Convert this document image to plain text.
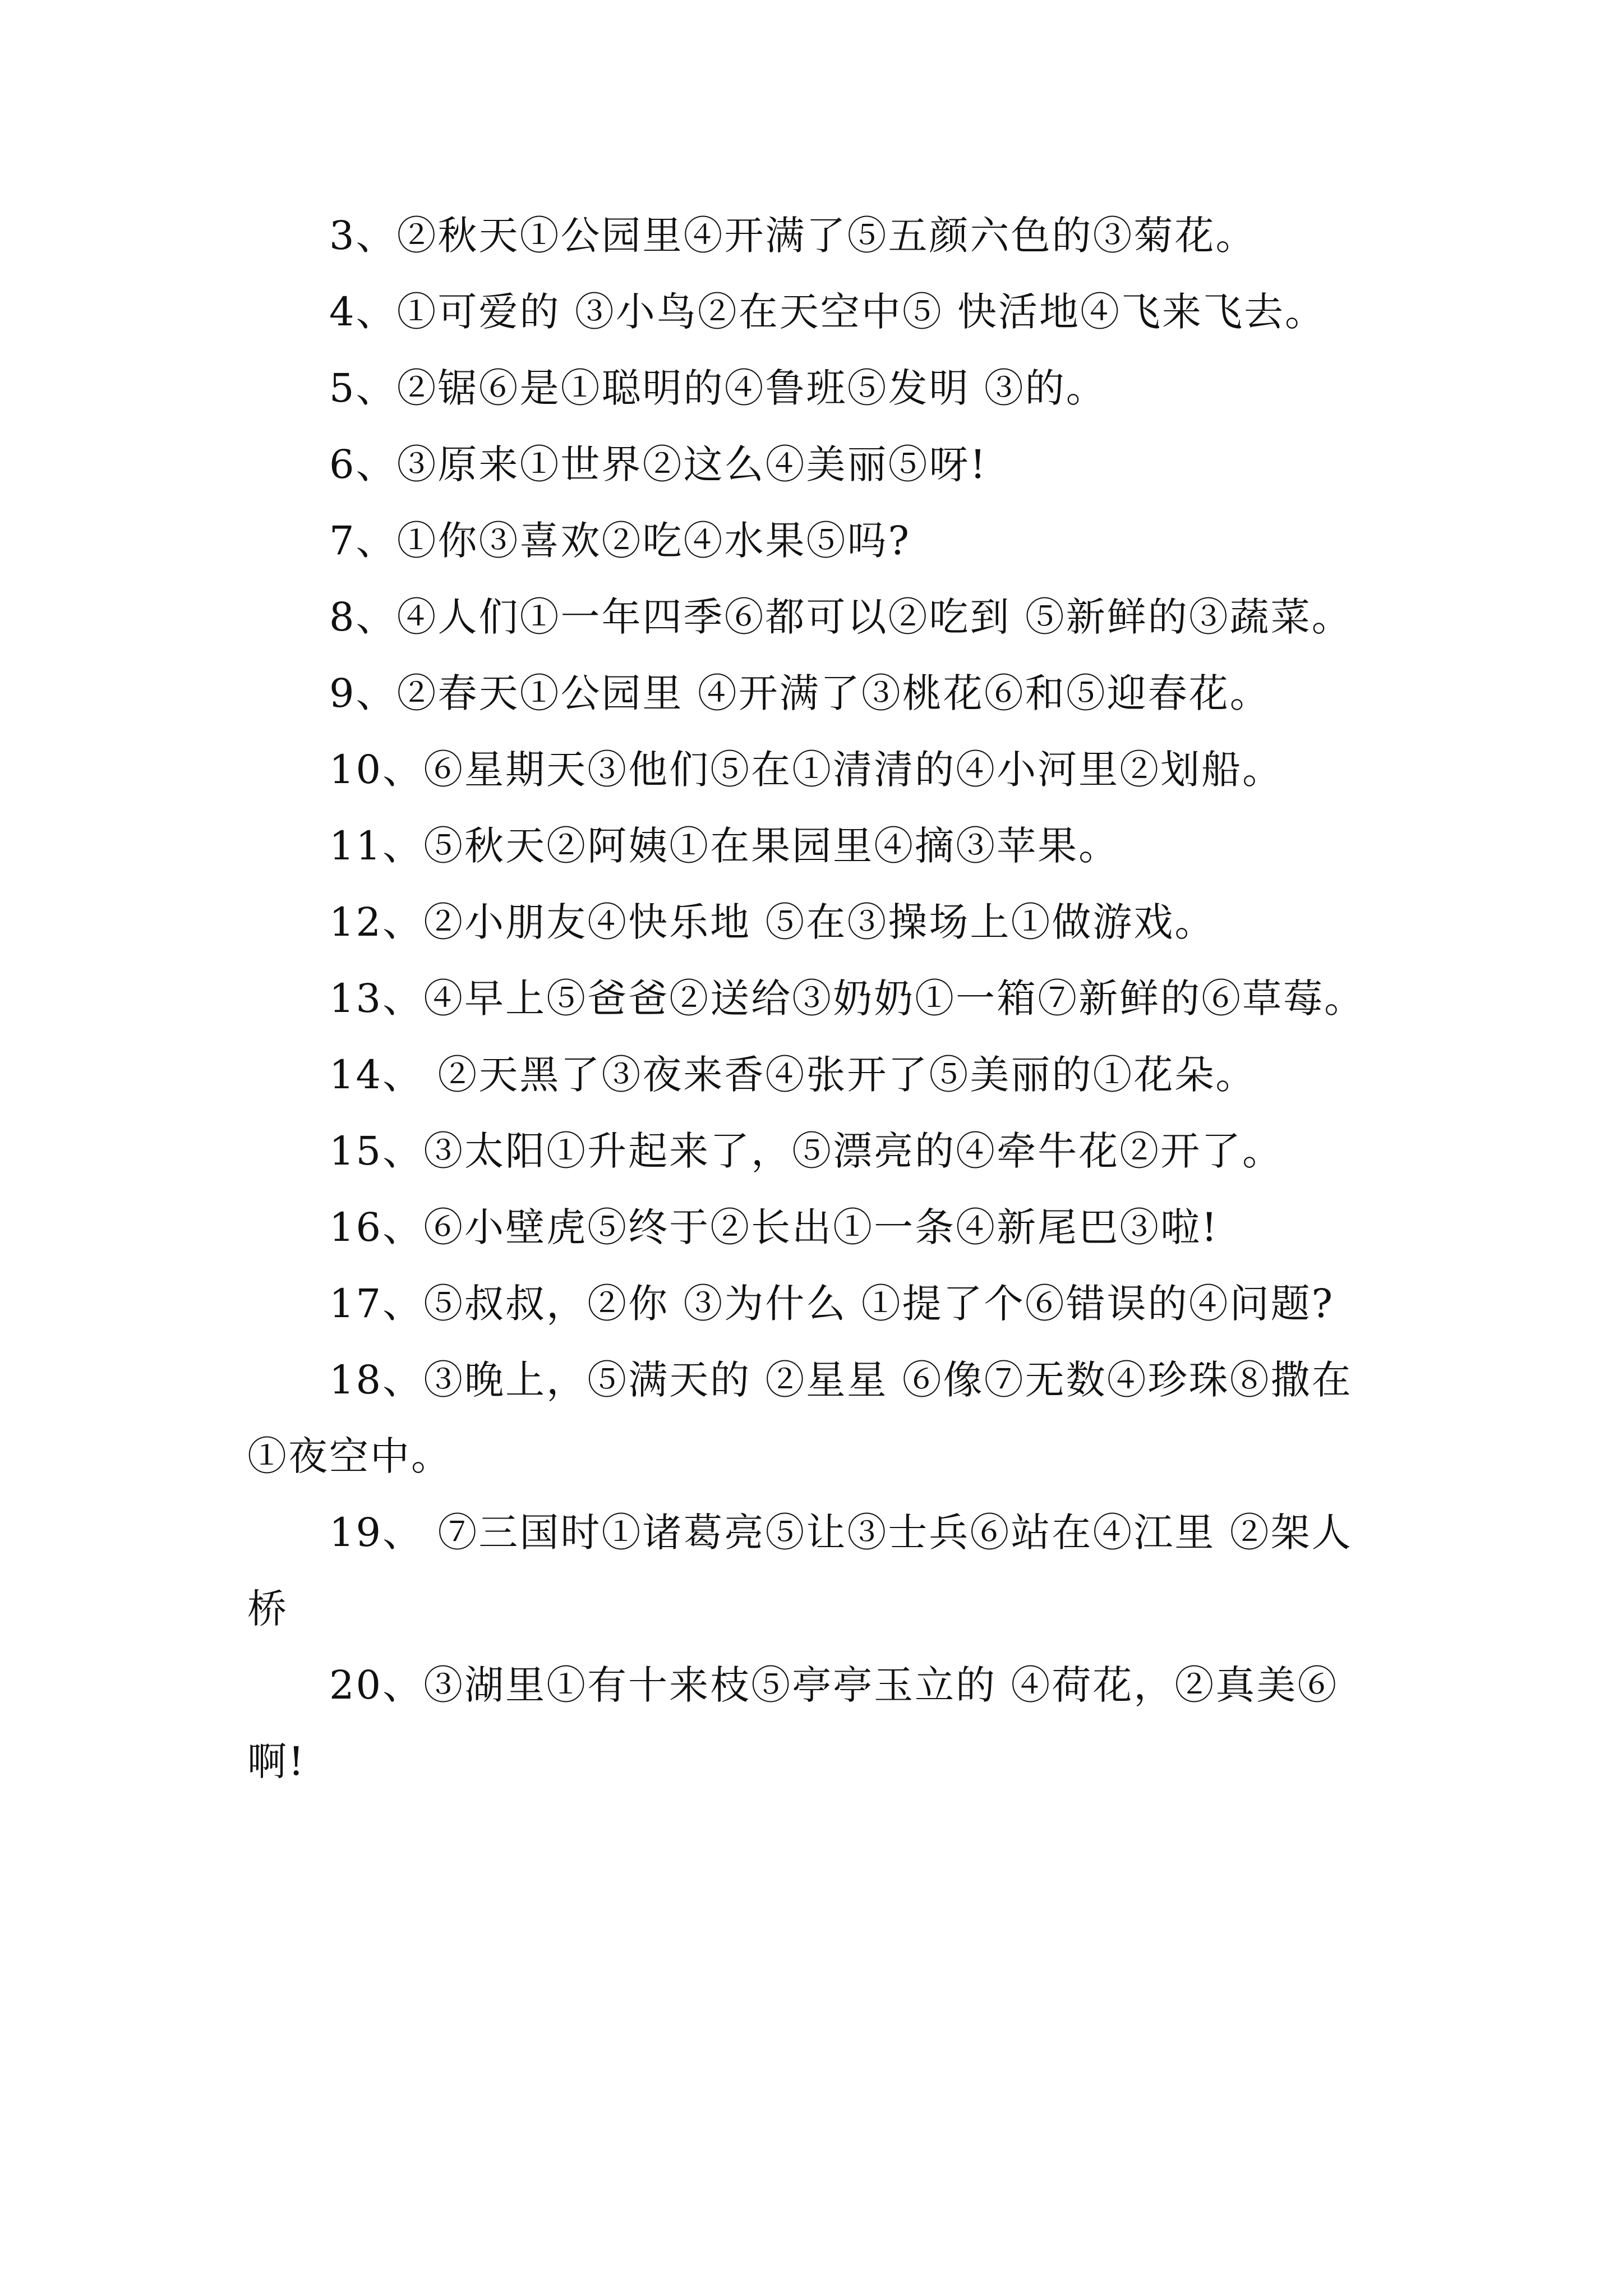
3、②秋天①公园里④开满了⑤五颜六色的③菊花。

4、①可爱的 ③小鸟②在天空中⑤ 快活地④飞来飞去。

5、②锯⑥是①聪明的④鲁班⑤发明 ③的。

6、③原来①世界②这么④美丽⑤呀!

7、①你③喜欢②吃④水果⑤吗?

8、④人们①一年四季⑥都可以②吃到 ⑤新鲜的③蔬菜。

9、②春天①公园里 ④开满了③桃花⑥和⑤迎春花。

10、⑥星期天③他们⑤在①清清的④小河里②划船。

11、⑤秋天②阿姨①在果园里④摘③苹果。

12、②小朋友④快乐地 ⑤在③操场上①做游戏。

13、④早上⑤爸爸②送给③奶奶①一箱⑦新鲜的⑥草莓。

14、 ②天黑了③夜来香④张开了⑤美丽的①花朵。

15、③太阳①升起来了，⑤漂亮的④牵牛花②开了。

16、⑥小壁虎⑤终于②长出①一条④新尾巴③啦!

17、⑤叔叔，②你 ③为什么 ①提了个⑥错误的④问题?

18、③晚上，⑤满天的 ②星星 ⑥像⑦无数④珍珠⑧撒在①夜空中。

19、 ⑦三国时①诸葛亮⑤让③士兵⑥站在④江里 ②架人桥

20、③湖里①有十来枝⑤亭亭玉立的 ④荷花，②真美⑥啊!
